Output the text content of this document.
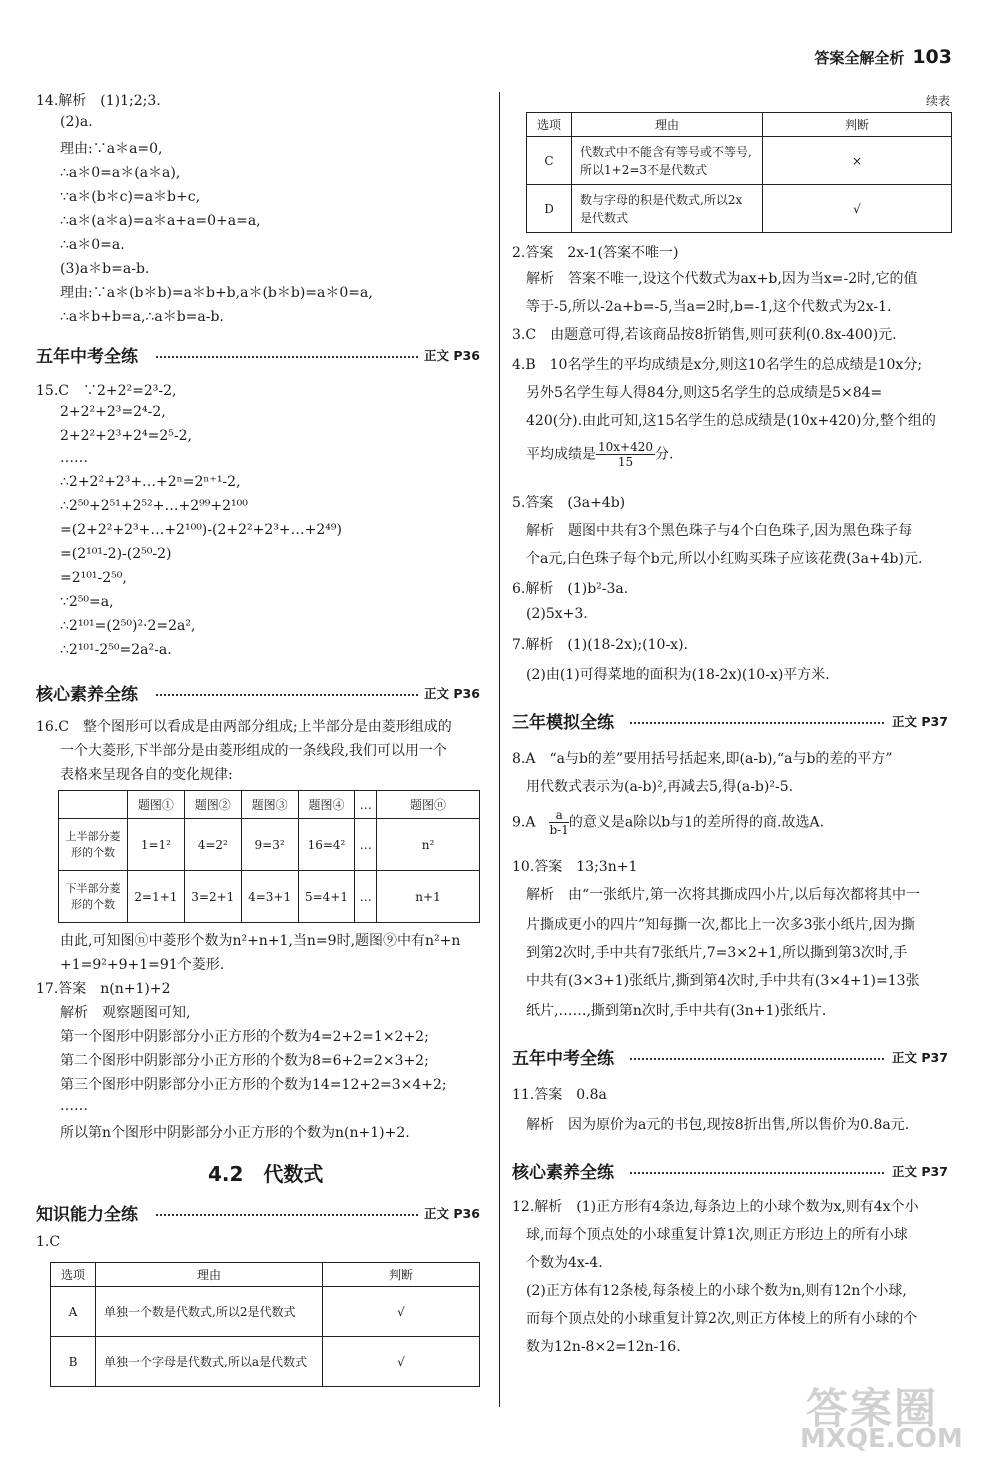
答案全解全析 103
14.解析　(1)1;2;3.
(2)a.
理由:∵a＊a=0,
∴a＊0=a＊(a＊a),
∵a＊(b＊c)=a＊b+c,
∴a＊(a＊a)=a＊a+a=0+a=a,
∴a＊0=a.
(3)a＊b=a-b.
理由:∵a＊(b＊b)=a＊b+b,a＊(b＊b)=a＊0=a,
∴a＊b+b=a,∴a＊b=a-b.
五年中考全练	正文 P36
15.C　∵2+2²=2³-2,
2+2²+2³=2⁴-2,
2+2²+2³+2⁴=2⁵-2,
……
∴2+2²+2³+…+2ⁿ=2ⁿ⁺¹-2,
∴2⁵⁰+2⁵¹+2⁵²+…+2⁹⁹+2¹⁰⁰
=(2+2²+2³+…+2¹⁰⁰)-(2+2²+2³+…+2⁴⁹)
=(2¹⁰¹-2)-(2⁵⁰-2)
=2¹⁰¹-2⁵⁰,
∵2⁵⁰=a,
∴2¹⁰¹=(2⁵⁰)²·2=2a²,
∴2¹⁰¹-2⁵⁰=2a²-a.
核心素养全练	正文 P36
16.C　整个图形可以看成是由两部分组成;上半部分是由菱形组成的
一个大菱形,下半部分是由菱形组成的一条线段,我们可以用一个
表格来呈现各自的变化规律:
	题图①	题图②	题图③	题图④	…	题图ⓝ
上半部分菱形的个数	1=1²	4=2²	9=3²	16=4²	…	n²
下半部分菱形的个数	2=1+1	3=2+1	4=3+1	5=4+1	…	n+1
由此,可知图ⓝ中菱形个数为n²+n+1,当n=9时,题图⑨中有n²+n
+1=9²+9+1=91个菱形.
17.答案　n(n+1)+2
解析　观察题图可知,
第一个图形中阴影部分小正方形的个数为4=2+2=1×2+2;
第二个图形中阴影部分小正方形的个数为8=6+2=2×3+2;
第三个图形中阴影部分小正方形的个数为14=12+2=3×4+2;
……
所以第n个图形中阴影部分小正方形的个数为n(n+1)+2.
4.2　代数式
知识能力全练	正文 P36
1.C
选项	理由	判断
A	单独一个数是代数式,所以2是代数式	√
B	单独一个字母是代数式,所以a是代数式	√
续表
选项	理由	判断
C	代数式中不能含有等号或不等号,所以1+2=3不是代数式	×
D	数与字母的积是代数式,所以2x是代数式	√
2.答案　2x-1(答案不唯一)
解析　答案不唯一,设这个代数式为ax+b,因为当x=-2时,它的值
等于-5,所以-2a+b=-5,当a=2时,b=-1,这个代数式为2x-1.
3.C　由题意可得,若该商品按8折销售,则可获利(0.8x-400)元.
4.B　10名学生的平均成绩是x分,则这10名学生的总成绩是10x分;
另外5名学生每人得84分,则这5名学生的总成绩是5×84=
420(分).由此可知,这15名学生的总成绩是(10x+420)分,整个组的
平均成绩是 $\frac{10x+420}{15}$ 分.
5.答案　(3a+4b)
解析　题图中共有3个黑色珠子与4个白色珠子,因为黑色珠子每
个a元,白色珠子每个b元,所以小红购买珠子应该花费(3a+4b)元.
6.解析　(1)b²-3a.
(2)5x+3.
7.解析　(1)(18-2x);(10-x).
(2)由(1)可得菜地的面积为(18-2x)(10-x)平方米.
三年模拟全练	正文 P37
8.A　“a与b的差”要用括号括起来,即(a-b),“a与b的差的平方”
用代数式表示为(a-b)²,再减去5,得(a-b)²-5.
9.A　 $\frac{a}{b-1}$ 的意义是a除以b与1的差所得的商.故选A.
10.答案　13;3n+1
解析　由“一张纸片,第一次将其撕成四小片,以后每次都将其中一
片撕成更小的四片”知每撕一次,都比上一次多3张小纸片,因为撕
到第2次时,手中共有7张纸片,7=3×2+1,所以撕到第3次时,手
中共有(3×3+1)张纸片,撕到第4次时,手中共有(3×4+1)=13张
纸片,……,撕到第n次时,手中共有(3n+1)张纸片.
五年中考全练	正文 P37
11.答案　0.8a
解析　因为原价为a元的书包,现按8折出售,所以售价为0.8a元.
核心素养全练	正文 P37
12.解析　(1)正方形有4条边,每条边上的小球个数为x,则有4x个小
球,而每个顶点处的小球重复计算1次,则正方形边上的所有小球
个数为4x-4.
(2)正方体有12条棱,每条棱上的小球个数为n,则有12n个小球,
而每个顶点处的小球重复计算2次,则正方体棱上的所有小球的个
数为12n-8×2=12n-16.
答案圈
MXQE.COM
